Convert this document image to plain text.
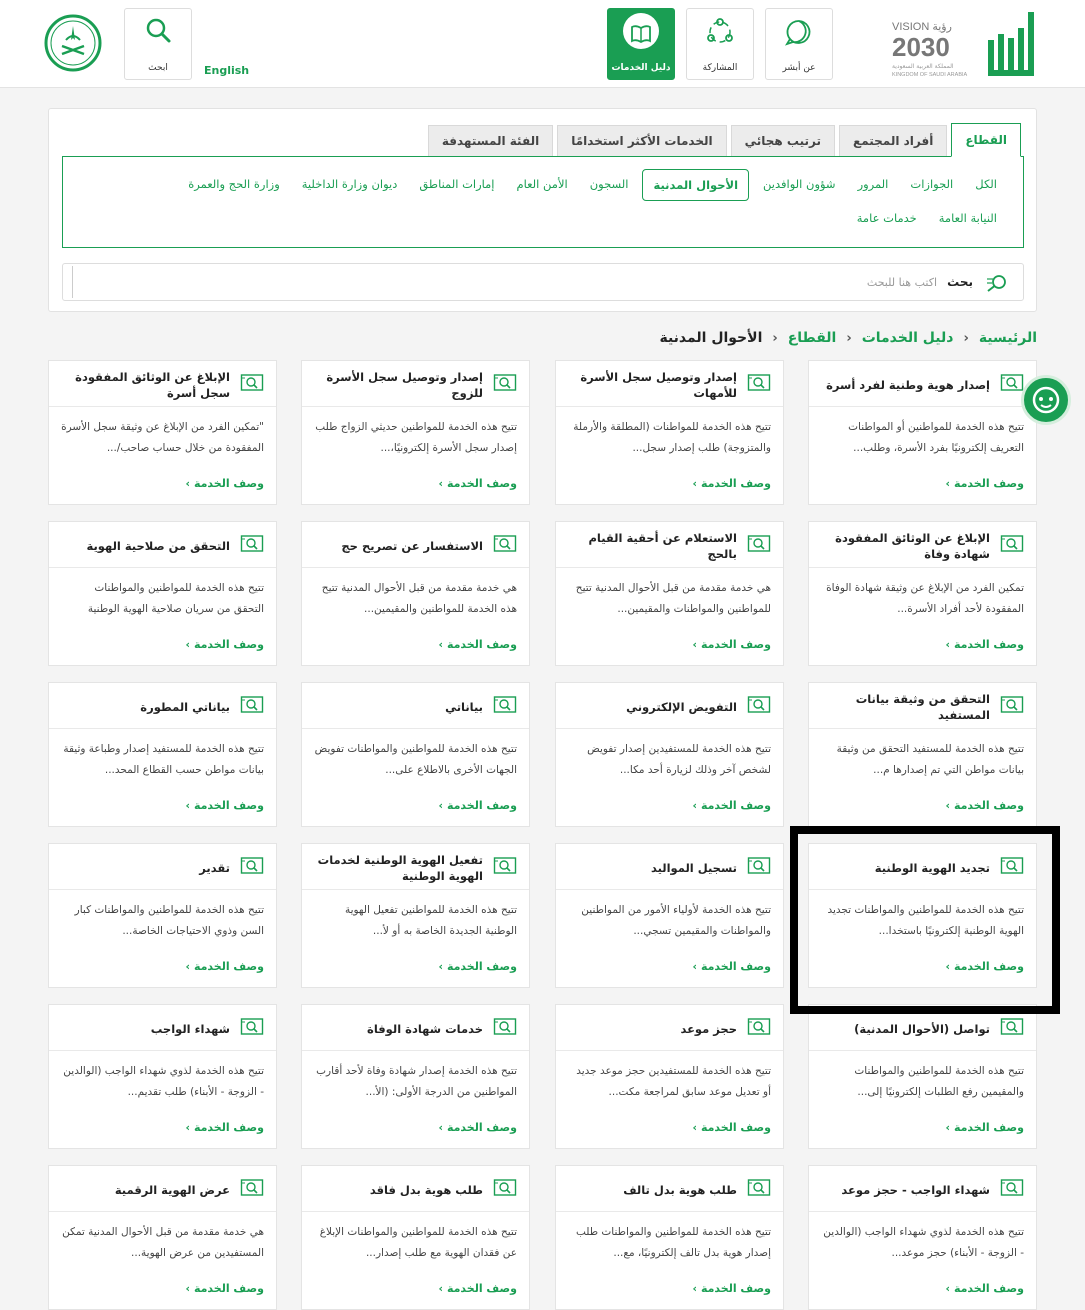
ابحث	English	دليل الخدمات	المشاركة	عن أبشر
VISION رؤية
2030
المملكة العربية السعودية
KINGDOM OF SAUDI ARABIA
القطاع
أفراد المجتمع
ترتيب هجائي
الخدمات الأكثر استخدامًا
الفئة المستهدفة
الكل
الجوازات
المرور
شؤون الوافدين
الأحوال المدنية
السجون
الأمن العام
إمارات المناطق
ديوان وزارة الداخلية
وزارة الحج والعمرة
النيابة العامة
خدمات عامة
بحث
اكتب هنا للبحث
الرئيسية
‹
دليل الخدمات
‹
القطاع
‹
الأحوال المدنية
إصدار هوية وطنية لفرد أسرة
تتيح هذه الخدمة للمواطنين أو المواطنات التعريف إلكترونيًا بفرد الأسرة، وطلب...
وصف الخدمة ›
إصدار وتوصيل سجل الأسرة للأمهات
تتيح هذه الخدمة للمواطنات (المطلقة والأرملة والمتزوجة) طلب إصدار سجل...
وصف الخدمة ›
إصدار وتوصيل سجل الأسرة للزوج
تتيح هذه الخدمة للمواطنين حديثي الزواج طلب إصدار سجل الأسرة إلكترونيًا،...
وصف الخدمة ›
الإبلاغ عن الوثائق المفقودة سجل أسرة
"تمكين الفرد من الإبلاغ عن وثيقة سجل الأسرة المفقودة من خلال حساب صاحب/...
وصف الخدمة ›
الإبلاغ عن الوثائق المفقودة شهادة وفاة
تمكين الفرد من الإبلاغ عن وثيقة شهادة الوفاة المفقودة لأحد أفراد الأسرة...
وصف الخدمة ›
الاستعلام عن أحقية القيام بالحج
هي خدمة مقدمة من قبل الأحوال المدنية تتيح للمواطنين والمواطنات والمقيمين...
وصف الخدمة ›
الاستفسار عن تصريح حج
هي خدمة مقدمة من قبل الأحوال المدنية تتيح هذه الخدمة للمواطنين والمقيمين...
وصف الخدمة ›
التحقق من صلاحية الهوية
تتيح هذه الخدمة للمواطنين والمواطنات التحقق من سريان صلاحية الهوية الوطنية
وصف الخدمة ›
التحقق من وثيقة بيانات المستفيد
تتيح هذه الخدمة للمستفيد التحقق من وثيقة بيانات مواطن التي تم إصدارها م...
وصف الخدمة ›
التفويض الإلكتروني
تتيح هذه الخدمة للمستفيدين إصدار تفويض لشخص آخر وذلك لزيارة أحد مكا...
وصف الخدمة ›
بياناتي
تتيح هذه الخدمة للمواطنين والمواطنات تفويض الجهات الأخرى بالاطلاع على...
وصف الخدمة ›
بياناتي المطورة
تتيح هذه الخدمة للمستفيد إصدار وطباعة وثيقة بيانات مواطن حسب القطاع المحد...
وصف الخدمة ›
تجديد الهوية الوطنية
تتيح هذه الخدمة للمواطنين والمواطنات تجديد الهوية الوطنية إلكترونيًا باستخدا...
وصف الخدمة ›
تسجيل المواليد
تتيح هذه الخدمة لأولياء الأمور من المواطنين والمواطنات والمقيمين تسجي...
وصف الخدمة ›
تفعيل الهوية الوطنية لخدمات الهوية الوطنية
تتيح هذه الخدمة للمواطنين تفعيل الهوية الوطنية الجديدة الخاصة به أو لأ...
وصف الخدمة ›
تقدير
تتيح هذه الخدمة للمواطنين والمواطنات كبار السن وذوي الاحتياجات الخاصة...
وصف الخدمة ›
تواصل (الأحوال المدنية)
تتيح هذه الخدمة للمواطنين والمواطنات والمقيمين رفع الطلبات إلكترونيًا إلى...
وصف الخدمة ›
حجز موعد
تتيح هذه الخدمة للمستفيدين حجز موعد جديد أو تعديل موعد سابق لمراجعة مكت...
وصف الخدمة ›
خدمات شهادة الوفاة
تتيح هذه الخدمة إصدار شهادة وفاة لأحد أقارب المواطنين من الدرجة الأولى: (الأ...
وصف الخدمة ›
شهداء الواجب
تتيح هذه الخدمة لذوي شهداء الواجب (الوالدين - الزوجة - الأبناء) طلب تقديم...
وصف الخدمة ›
شهداء الواجب - حجز موعد
تتيح هذه الخدمة لذوي شهداء الواجب (الوالدين - الزوجة - الأبناء) حجز موعد...
وصف الخدمة ›
طلب هوية بدل تالف
تتيح هذه الخدمة للمواطنين والمواطنات طلب إصدار هوية بدل تالف إلكترونيًا، مع...
وصف الخدمة ›
طلب هوية بدل فاقد
تتيح هذه الخدمة للمواطنين والمواطنات الإبلاغ عن فقدان الهوية مع طلب إصدار...
وصف الخدمة ›
عرض الهوية الرقمية
هي خدمة مقدمة من قبل الأحوال المدنية تمكن المستفيدين من عرض الهوية...
وصف الخدمة ›
